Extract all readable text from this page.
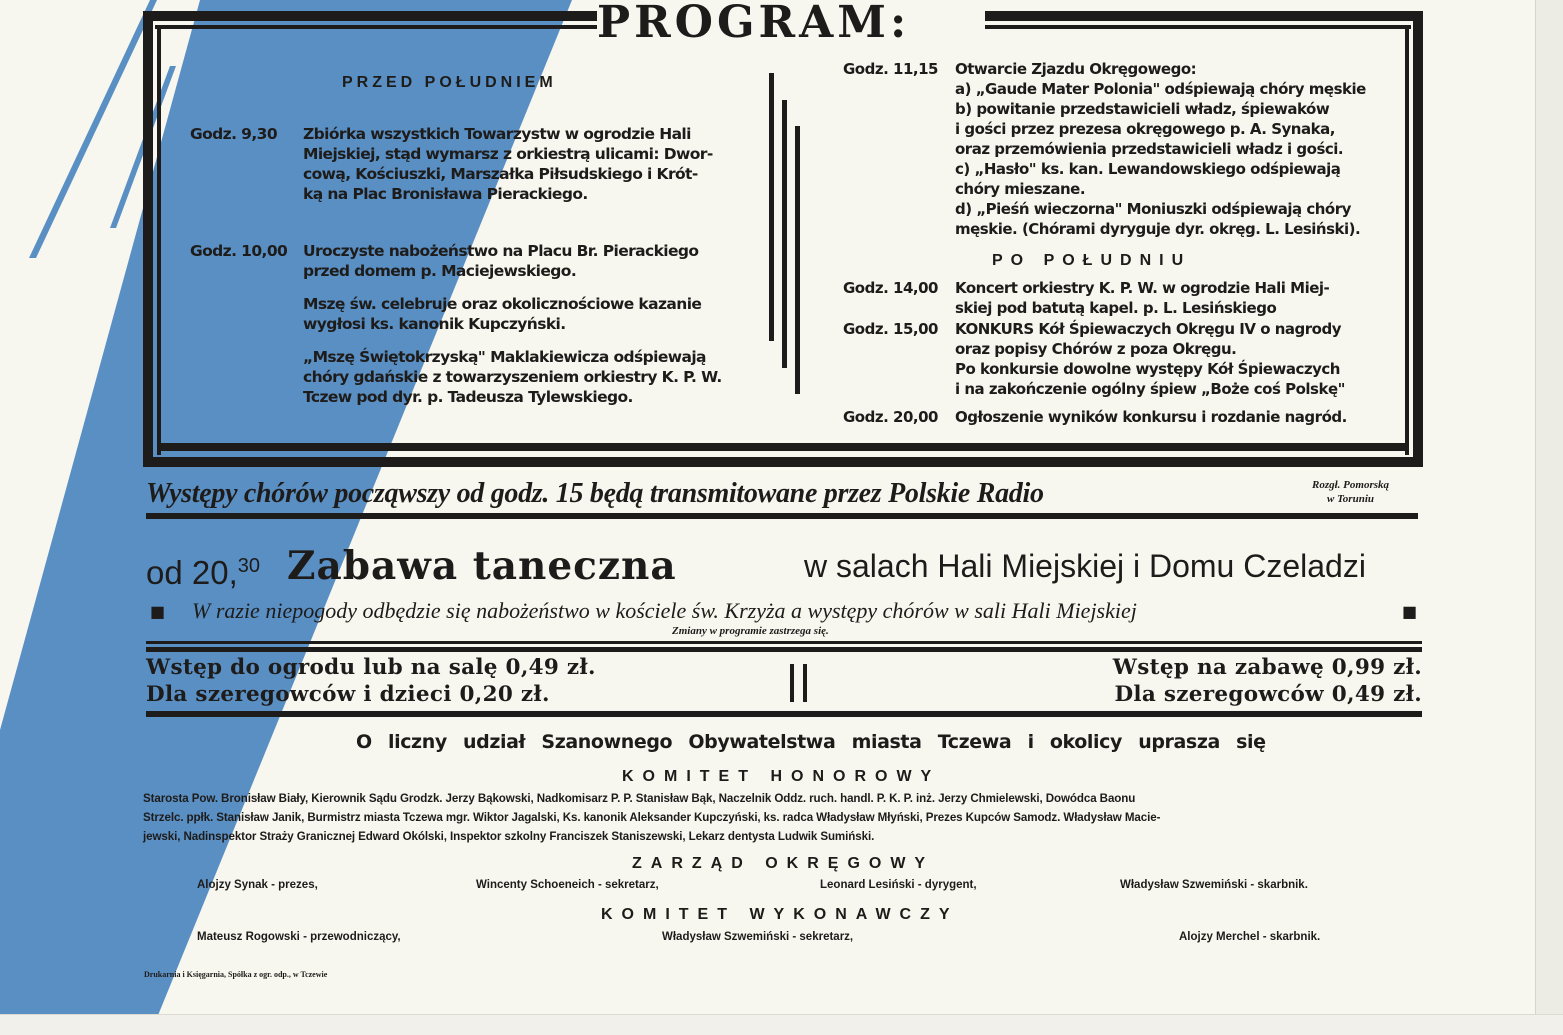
PROGRAM:
PRZED POŁUDNIEM
Godz. 9,30 Zbiórka wszystkich Towarzystw w ogrodzie Hali
Miejskiej, stąd wymarsz z orkiestrą ulicami: Dwor-
cową, Kościuszki, Marszałka Piłsudskiego i Krót-
ką na Plac Bronisława Pierackiego.
Godz. 10,00 Uroczyste nabożeństwo na Placu Br. Pierackiego
przed domem p. Maciejewskiego.
Mszę św. celebruje oraz okolicznościowe kazanie
wygłosi ks. kanonik Kupczyński.
„Mszę Świętokrzyską" Maklakiewicza odśpiewają
chóry gdańskie z towarzyszeniem orkiestry K. P. W.
Tczew pod dyr. p. Tadeusza Tylewskiego.
Godz. 11,15 Otwarcie Zjazdu Okręgowego:
a) „Gaude Mater Polonia" odśpiewają chóry męskie
b) powitanie przedstawicieli władz, śpiewaków
i gości przez prezesa okręgowego p. A. Synaka,
oraz przemówienia przedstawicieli władz i gości.
c) „Hasło" ks. kan. Lewandowskiego odśpiewają
chóry mieszane.
d) „Pieśń wieczorna" Moniuszki odśpiewają chóry
męskie. (Chórami dyryguje dyr. okręg. L. Lesiński).
PO POŁUDNIU
Godz. 14,00 Koncert orkiestry K. P. W. w ogrodzie Hali Miej-
skiej pod batutą kapel. p. L. Lesińskiego
Godz. 15,00 KONKURS Kół Śpiewaczych Okręgu IV o nagrody
oraz popisy Chórów z poza Okręgu.
Po konkursie dowolne występy Kół Śpiewaczych
i na zakończenie ogólny śpiew „Boże coś Polskę"
Godz. 20,00 Ogłoszenie wyników konkursu i rozdanie nagród.
Występy chórów począwszy od godz. 15 będą transmitowane przez Polskie Radio	Rozgł. Pomorską
w Toruniu
od 20,30 Zabawa taneczna	w salach Hali Miejskiej i Domu Czeladzi
■ W razie niepogody odbędzie się nabożeństwo w kościele św. Krzyża a występy chórów w sali Hali Miejskiej	■
Zmiany w programie zastrzega się.
Wstęp do ogrodu lub na salę 0,49 zł.
Dla szeregowców i dzieci 0,20 zł.
Wstęp na zabawę 0,99 zł.
Dla szeregowców 0,49 zł.
O liczny udział Szanownego Obywatelstwa miasta Tczewa i okolicy uprasza się
KOMITET HONOROWY
Starosta Pow. Bronisław Biały, Kierownik Sądu Grodzk. Jerzy Bąkowski, Nadkomisarz P. P. Stanisław Bąk, Naczelnik Oddz. ruch. handl. P. K. P. inż. Jerzy Chmielewski, Dowódca Baonu
Strzelc. ppłk. Stanisław Janik, Burmistrz miasta Tczewa mgr. Wiktor Jagalski, Ks. kanonik Aleksander Kupczyński, ks. radca Władysław Młyński, Prezes Kupców Samodz. Władysław Macie-
jewski, Nadinspektor Straży Granicznej Edward Okólski, Inspektor szkolny Franciszek Staniszewski, Lekarz dentysta Ludwik Sumiński.
ZARZĄD OKRĘGOWY
Alojzy Synak - prezes,	Wincenty Schoeneich - sekretarz,	Leonard Lesiński - dyrygent,	Władysław Szwemiński - skarbnik.
KOMITET WYKONAWCZY
Mateusz Rogowski - przewodniczący,	Władysław Szwemiński - sekretarz,	Alojzy Merchel - skarbnik.
Drukarnia i Księgarnia, Spółka z ogr. odp., w Tczewie
